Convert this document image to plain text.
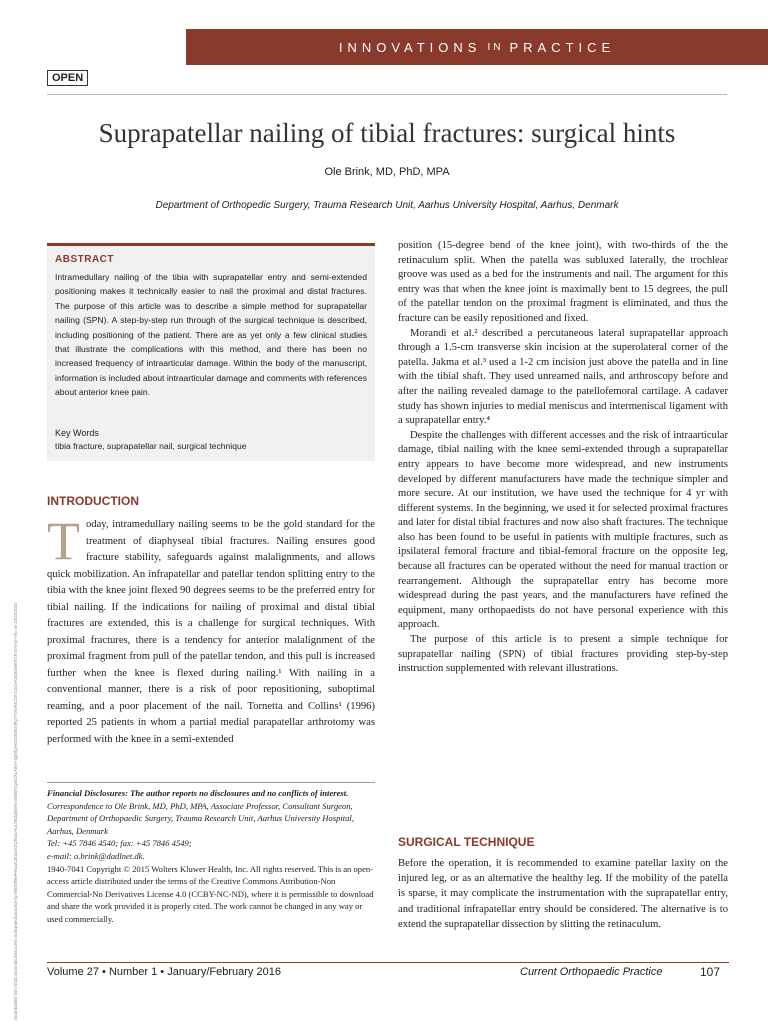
INNOVATIONS IN PRACTICE
OPEN
Suprapatellar nailing of tibial fractures: surgical hints
Ole Brink, MD, PhD, MPA
Department of Orthopedic Surgery, Trauma Research Unit, Aarhus University Hospital, Aarhus, Denmark
Downloaded from https://journals.lww.com/c-orthopaedicpractice by BhDMf5ePHKav1zEoum1tQfN4a+kJLhEZgbsIHo4XMi0hCywCX1AWnYQp/IlQrHD3i3D0OdRyi7TvSFl4Cf3VC4/OAVpDDa8KKGKV0Ymy+78= on 10/20/2020
ABSTRACT
Intramedullary nailing of the tibia with suprapatellar entry and semi-extended positioning makes it technically easier to nail the proximal and distal fractures. The purpose of this article was to describe a simple method for suprapatellar nailing (SPN). A step-by-step run through of the surgical technique is described, including positioning of the patient. There are as yet only a few clinical studies that illustrate the complications with this method, and there has been no increased frequency of intraarticular damage. Within the body of the manuscript, information is included about intraarticular damage and comments with references about anterior knee pain.
Key Words
tibia fracture, suprapatellar nail, surgical technique
INTRODUCTION
Today, intramedullary nailing seems to be the gold standard for the treatment of diaphyseal tibial fractures. Nailing ensures good fracture stability, safeguards against malalignments, and allows quick mobilization. An infrapatellar and patellar tendon splitting entry to the tibia with the knee joint flexed 90 degrees seems to be the preferred entry for tibial nailing. If the indications for nailing of proximal and distal tibial fractures are extended, this is a challenge for surgical techniques. With proximal fractures, there is a tendency for anterior malalignment of the proximal fragment from pull of the patellar tendon, and this pull is increased further when the knee is flexed during nailing.¹ With nailing in a conventional manner, there is a risk of poor repositioning, suboptimal reaming, and a poor placement of the nail. Tornetta and Collins¹ (1996) reported 25 patients in whom a partial medial parapatellar arthrotomy was performed with the knee in a semi-extended
Financial Disclosures: The author reports no disclosures and no conflicts of interest.
Correspondence to Ole Brink, MD, PhD, MPA, Associate Professor, Consultant Surgeon, Department of Orthopaedic Surgery, Trauma Research Unit, Aarhus University Hospital, Aarhus, Denmark
Tel: +45 7846 4540; fax: +45 7846 4549;
e-mail: o.brink@dadlnet.dk.
1940-7041 Copyright © 2015 Wolters Kluwer Health, Inc. All rights reserved. This is an open-access article distributed under the terms of the Creative Commons Attribution-Non Commercial-No Derivatives License 4.0 (CCBY-NC-ND), where it is permissible to download and share the work provided it is properly cited. The work cannot be changed in any way or used commercially.

position (15-degree bend of the knee joint), with two-thirds of the the retinaculum split. When the patella was subluxed laterally, the trochlear groove was used as a bed for the instruments and nail. The argument for this entry was that when the knee joint is maximally bent to 15 degrees, the pull of the patellar tendon on the proximal fragment is eliminated, and thus the fracture can be easily repositioned and fixed.

Morandi et al.² described a percutaneous lateral suprapatellar approach through a 1.5-cm transverse skin incision at the superolateral corner of the patella. Jakma et al.³ used a 1-2 cm incision just above the patella and in line with the tibial shaft. They used unreamed nails, and arthroscopy before and after the nailing revealed damage to the patellofemoral cartilage. A cadaver study has shown injuries to medial meniscus and intermeniscal ligament with a suprapatellar entry.⁴

Despite the challenges with different accesses and the risk of intraarticular damage, tibial nailing with the knee semi-extended through a suprapatellar entry appears to have become more widespread, and new instruments developed by different manufacturers have made the technique simpler and more secure. At our institution, we have used the technique for 4 yr with different systems. In the beginning, we used it for selected proximal fractures and later for distal tibial fractures and now also shaft fractures. The technique also has been found to be useful in patients with multiple fractures, such as ipsilateral femoral fracture and tibial-femoral fracture on the opposite leg, because all fractures can be operated without the need for manual traction or rearrangement. Although the suprapatellar entry has become more widespread during the past years, and the manufacturers have refined the equipment, many orthopaedists do not have personal experience with this approach.

The purpose of this article is to present a simple technique for suprapatellar nailing (SPN) of tibial fractures providing step-by-step instruction supplemented with relevant illustrations.

SURGICAL TECHNIQUE
Before the operation, it is recommended to examine patellar laxity on the injured leg, or as an alternative the healthy leg. If the mobility of the patella is sparse, it may complicate the instrumentation with the suprapatellar entry, and traditional infrapatellar entry should be considered. The alternative is to extend the suprapatellar dissection by slitting the retinaculum.
Volume 27 • Number 1 • January/February 2016	Current Orthopaedic Practice	107
